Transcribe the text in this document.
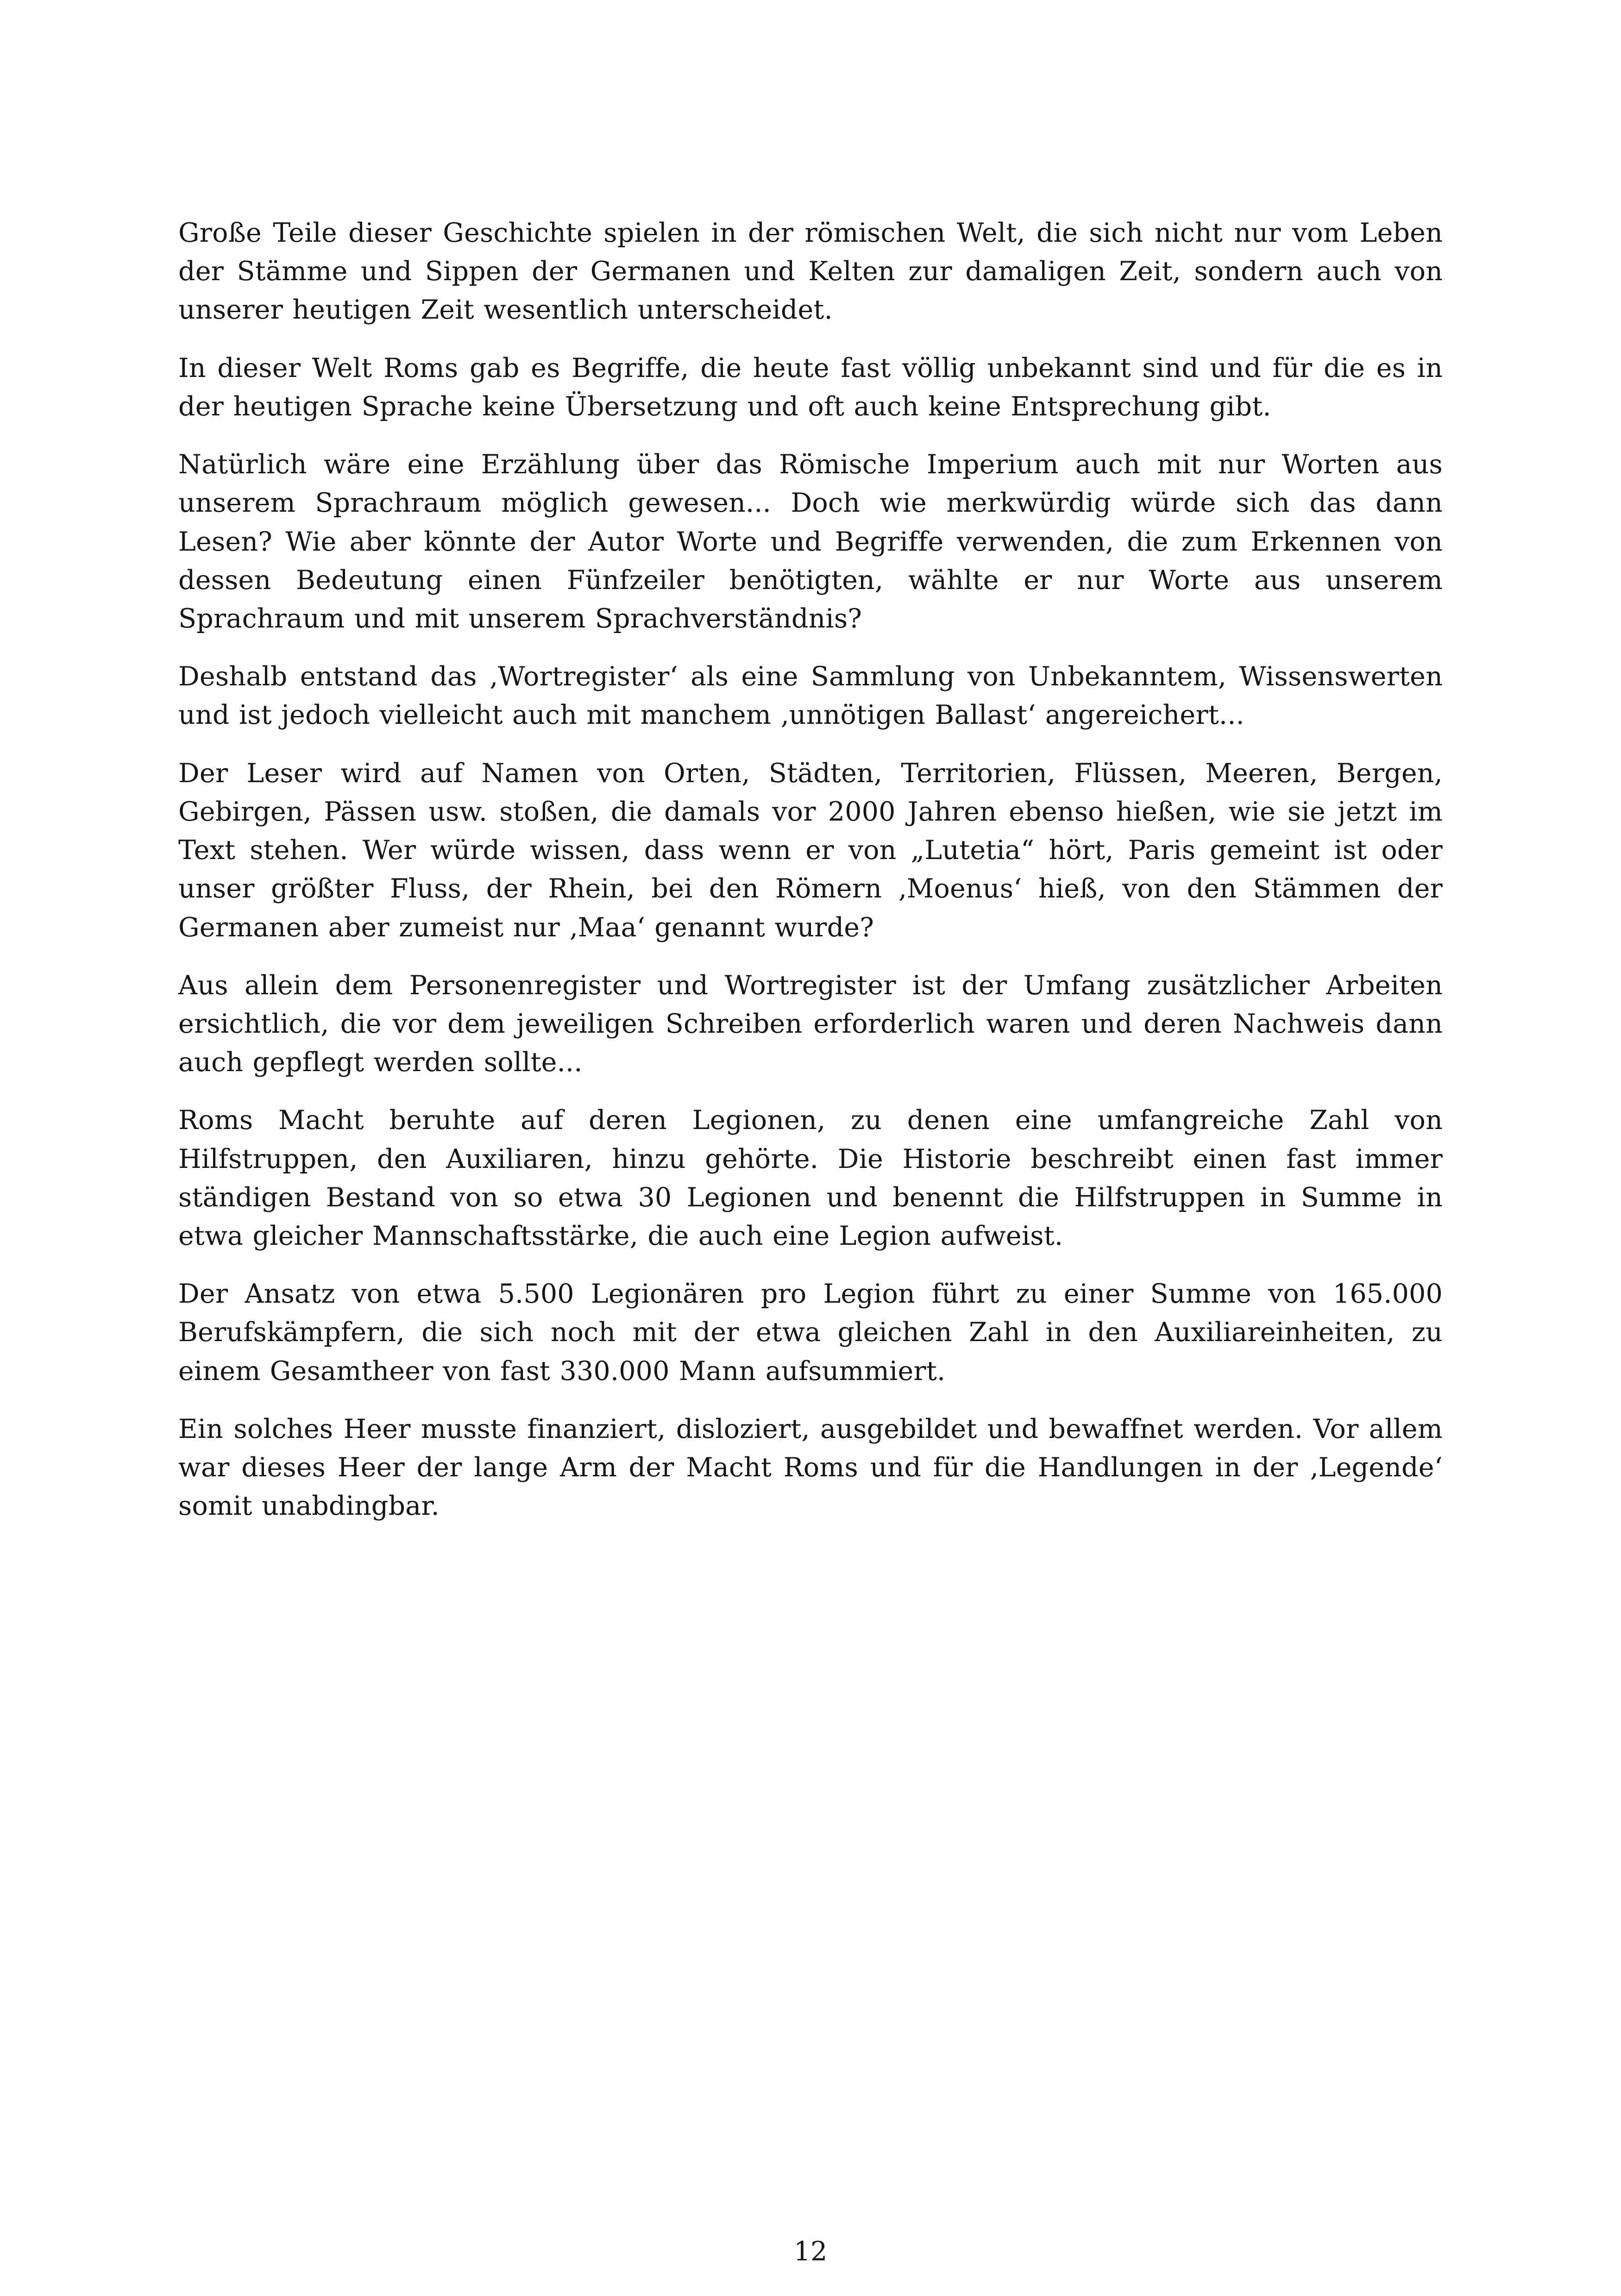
Große Teile dieser Geschichte spielen in der römischen Welt, die sich nicht nur vom Leben der Stämme und Sippen der Germanen und Kelten zur damaligen Zeit, sondern auch von unserer heutigen Zeit wesentlich unterscheidet.

In dieser Welt Roms gab es Begriffe, die heute fast völlig unbekannt sind und für die es in der heutigen Sprache keine Übersetzung und oft auch keine Entsprechung gibt.

Natürlich wäre eine Erzählung über das Römische Imperium auch mit nur Worten aus unserem Sprachraum möglich gewesen... Doch wie merkwürdig würde sich das dann Lesen? Wie aber könnte der Autor Worte und Begriffe verwenden, die zum Erkennen von dessen Bedeutung einen Fünfzeiler benötigten, wählte er nur Worte aus unserem Sprachraum und mit unserem Sprachverständnis?

Deshalb entstand das ‚Wortregister‘ als eine Sammlung von Unbekanntem, Wissenswerten und ist jedoch vielleicht auch mit manchem ‚unnötigen Ballast‘ angereichert...

Der Leser wird auf Namen von Orten, Städten, Territorien, Flüssen, Meeren, Bergen, Gebirgen, Pässen usw. stoßen, die damals vor 2000 Jahren ebenso hießen, wie sie jetzt im Text stehen. Wer würde wissen, dass wenn er von „Lutetia“ hört, Paris gemeint ist oder unser größter Fluss, der Rhein, bei den Römern ‚Moenus‘ hieß, von den Stämmen der Germanen aber zumeist nur ‚Maa‘ genannt wurde?

Aus allein dem Personenregister und Wortregister ist der Umfang zusätzlicher Arbeiten ersichtlich, die vor dem jeweiligen Schreiben erforderlich waren und deren Nachweis dann auch gepflegt werden sollte...

Roms Macht beruhte auf deren Legionen, zu denen eine umfangreiche Zahl von Hilfstruppen, den Auxiliaren, hinzu gehörte. Die Historie beschreibt einen fast immer ständigen Bestand von so etwa 30 Legionen und benennt die Hilfstruppen in Summe in etwa gleicher Mannschaftsstärke, die auch eine Legion aufweist.

Der Ansatz von etwa 5.500 Legionären pro Legion führt zu einer Summe von 165.000 Berufskämpfern, die sich noch mit der etwa gleichen Zahl in den Auxiliareinheiten, zu einem Gesamtheer von fast 330.000 Mann aufsummiert.

Ein solches Heer musste finanziert, disloziert, ausgebildet und bewaffnet werden. Vor allem war dieses Heer der lange Arm der Macht Roms und für die Handlungen in der ‚Legende‘ somit unabdingbar.

12
